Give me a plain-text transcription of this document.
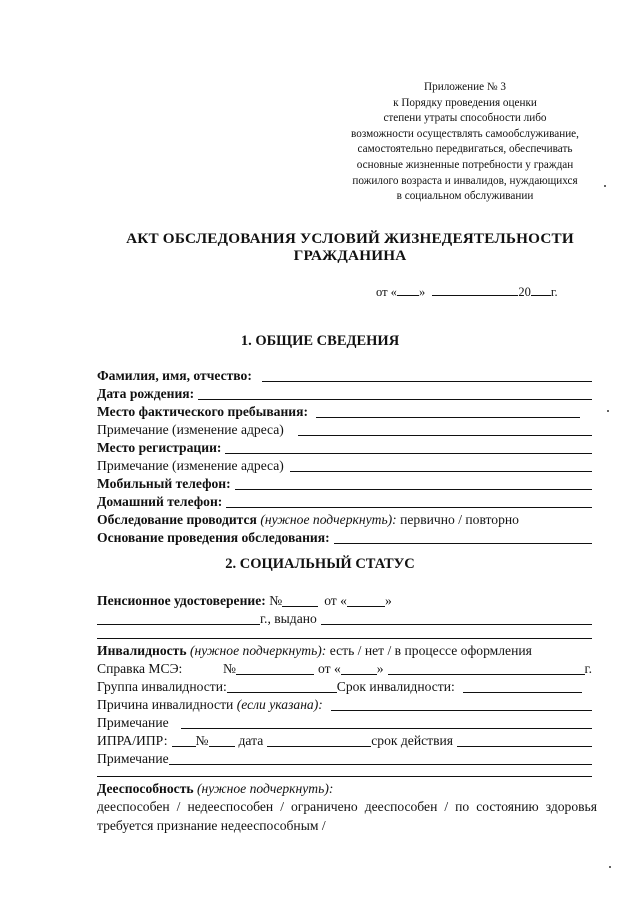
Приложение № 3
к Порядку проведения оценки
степени утраты способности либо
возможности осуществлять самообслуживание,
самостоятельно передвигаться, обеспечивать
основные жизненные потребности у граждан
пожилого возраста и инвалидов, нуждающихся
в социальном обслуживании
АКТ ОБСЛЕДОВАНИЯ УСЛОВИЙ ЖИЗНЕДЕЯТЕЛЬНОСТИ
ГРАЖДАНИНА
от « »	20 г.
1. ОБЩИЕ СВЕДЕНИЯ
Фамилия, имя, отчество:
Дата рождения:
Место фактического пребывания:
Примечание (изменение адреса)
Место регистрации:
Примечание (изменение адреса)
Мобильный телефон:
Домашний телефон:
Обследование проводится
(нужное подчеркнуть):
первично / повторно
Основание проведения обследования:
2. СОЦИАЛЬНЫЙ СТАТУС
Пенсионное удостоверение:
№	от «	»
г., выдано
Инвалидность
(нужное подчеркнуть):
есть / нет / в процессе оформления
Справка МСЭ:	№	от «	»	г.
Группа инвалидности:	Срок инвалидности:
Причина инвалидности
(если указана):
Примечание
ИПРА/ИПР: № дата	срок действия
Примечание
Дееспособность
(нужное подчеркнуть):
дееспособен / недееспособен / ограничено дееспособен / по состоянию здоровья требуется признание недееспособным /
